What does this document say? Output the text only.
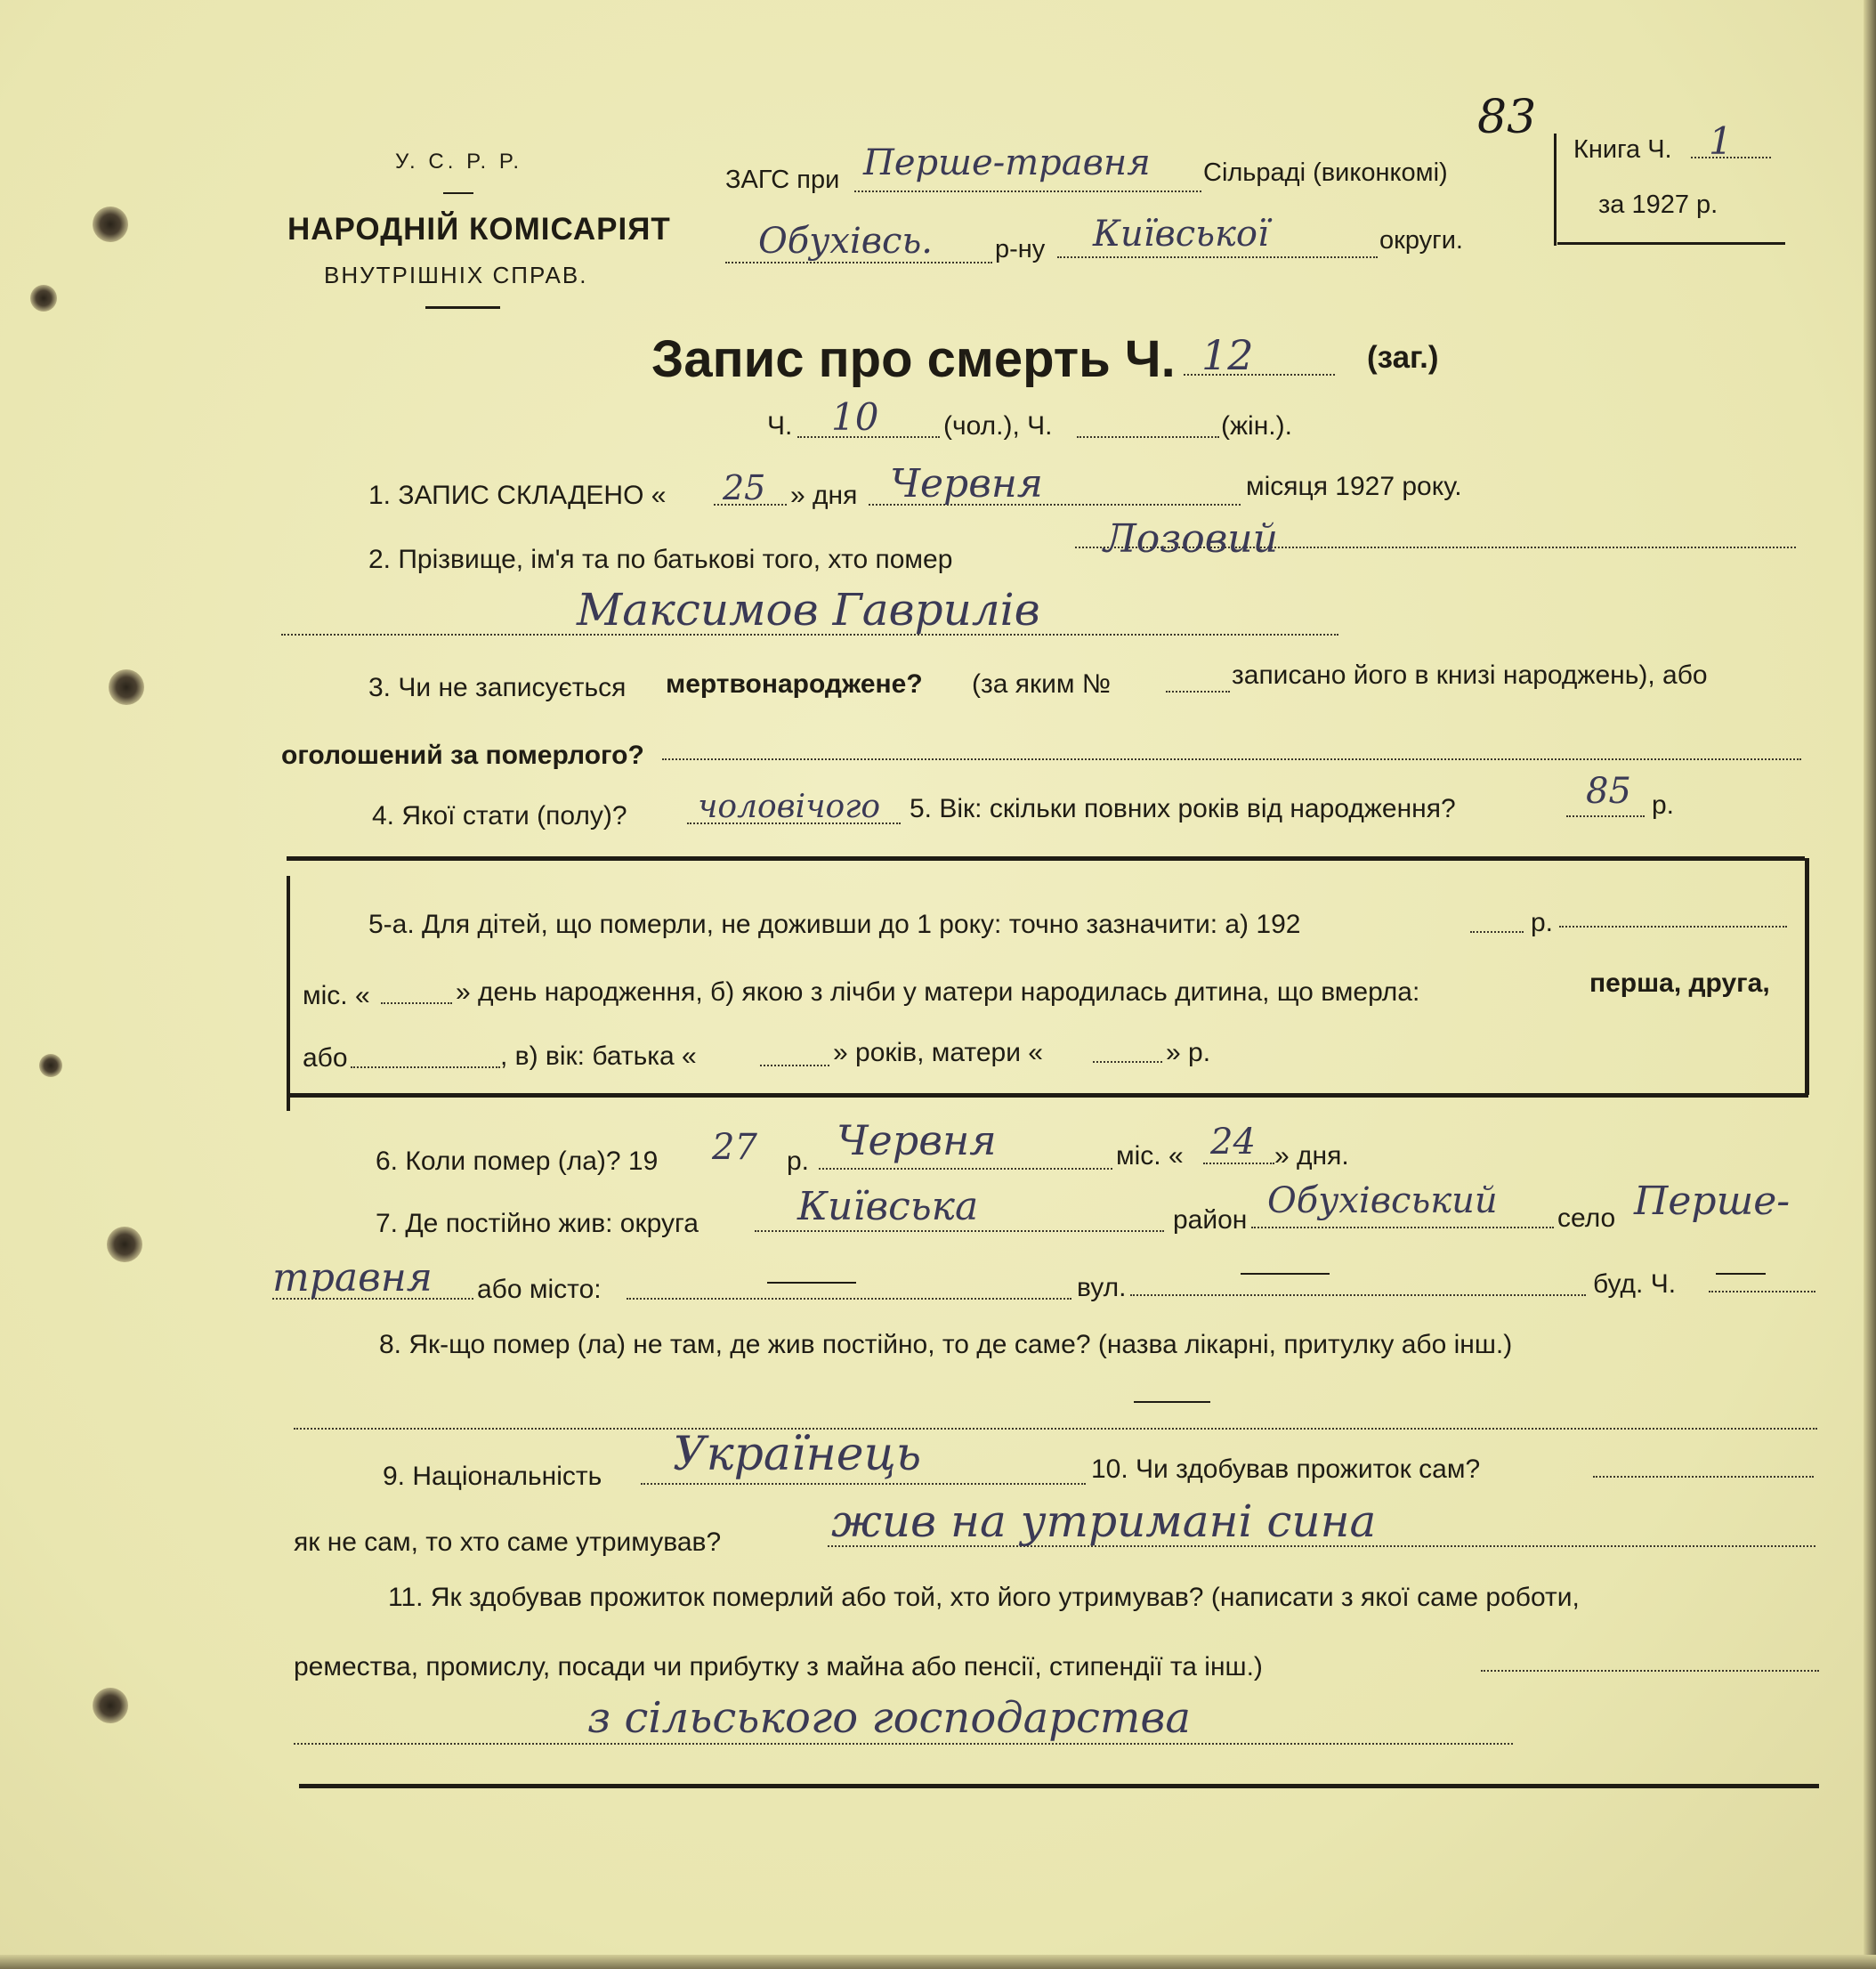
У. С. Р. Р.
НАРОДНІЙ КОМІСАРІЯТ
ВНУТРІШНІХ СПРАВ.
ЗАГС при Перше-травня Сільраді (виконкомі)
Обухівсь. р-ну Київської	округи.
83
Книга Ч. 1
за 1927 р.
Запис про смерть Ч. 12	(заг.)
Ч. 10 (чол.), Ч.	(жін.).
1. ЗАПИС СКЛАДЕНО « 25 » дня Червня	місяця 1927 року.
2. Прізвище, ім'я та по батькові того, хто помер	Лозовий
Максимов Гаврилів
3. Чи не записується мертвонароджене? (за яким №	записано його в книзі народжень), або
оголошений за померлого?
4. Якої стати (полу)? чоловічого 5. Вік: скільки повних років від народження?	85 р.
5-а. Для дітей, що померли, не доживши до 1 року: точно зазначити: а) 192	р.
міс. «	» день народження, б) якою з лічби у матери народилась дитина, що вмерла:	перша, друга,
або	, в) вік: батька «	» років, матери «	» р.
6. Коли помер (ла)? 19 27 р. Червня	міс. « 24 » дня.
7. Де постійно жив: округа	Київська	район Обухівський село Перше-
травня або місто:	вул.	буд. Ч.
8. Як-що помер (ла) не там, де жив постійно, то де саме? (назва лікарні, притулку або інш.)
9. Національність Українець	10. Чи здобував прожиток сам?
як не сам, то хто саме утримував? жив на утримані сина
11. Як здобував прожиток померлий або той, хто його утримував? (написати з якої саме роботи,
ремества, промислу, посади чи прибутку з майна або пенсії, стипендії та інш.)
з сільського господарства
